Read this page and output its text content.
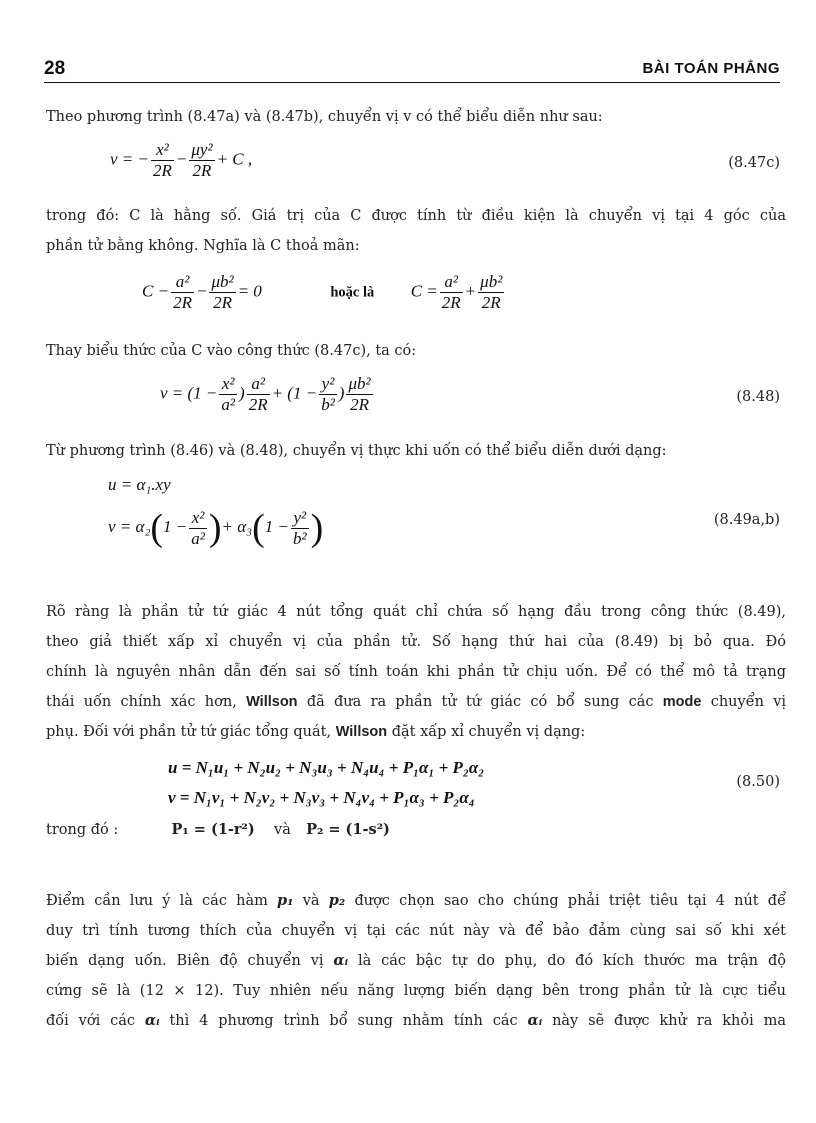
28	BÀI TOÁN PHẲNG

Theo phương trình (8.47a) và (8.47b), chuyển vị v có thể biểu diễn như sau:

v = − $\frac{\text{x²}}{2R} - \frac{\text{μy²}}{2R} + C$ ,	(8.47c)

trong đó: C là hằng số. Giá trị của C được tính từ điều kiện là chuyển vị tại 4 góc của

phần tử bằng không. Nghĩa là C thoả mãn:

$C - \frac{\text{a²}}{2R} - \frac{\text{μb²}}{2R} = 0$	hoặc là $C = \frac{\text{a²}}{2R} + \frac{\text{μb²}}{2R}$

Thay biểu thức của C vào công thức (8.47c), ta có:

$v = (1 - \frac{\text{x²}}{\text{a²}}$ ) $\frac{\text{a²}}{2R} + (1 - \frac{\text{y²}}{\text{b²}}$ ) $\frac{\text{μb²}}{2R}$	(8.48)

Từ phương trình (8.46) và (8.48), chuyển vị thực khi uốn có thể biểu diễn dưới dạng:

u = α₁.xy
$v = \alpha_2(1 - \frac{\text{x²}}{\text{a²}}$ )+ $\alpha_3(1 - \frac{\text{y²}}{\text{b²}}$ )	(8.49a,b)

Rõ ràng là phần tử tứ giác 4 nút tổng quát chỉ chứa số hạng đầu trong công thức (8.49),

theo giả thiết xấp xỉ chuyển vị của phần tử. Số hạng thứ hai của (8.49) bị bỏ qua. Đó

chính là nguyên nhân dẫn đến sai số tính toán khi phần tử chịu uốn. Để có thể mô tả trạng

thái uốn chính xác hơn, Willson đã đưa ra phần tử tứ giác có bổ sung các mode chuyển vị

phụ. Đối với phần tử tứ giác tổng quát, Willson đặt xấp xỉ chuyển vị dạng:

u = N₁u₁ + N₂u₂ + N₃u₃ + N₄u₄ + P₁α₁ + P₂α₂
v = N₁v₁ + N₂v₂ + N₃v₃ + N₄v₄ + P₁α₃ + P₂α₄
(8.50)

trong đó :	P₁ = (1-r²) và P₂ = (1-s²)

Điểm cần lưu ý là các hàm p₁ và p₂ được chọn sao cho chúng phải triệt tiêu tại 4 nút để

duy trì tính tương thích của chuyển vị tại các nút này và để bảo đảm cùng sai số khi xét

biến dạng uốn. Biên độ chuyển vị αᵢ là các bậc tự do phụ, do đó kích thước ma trận độ

cứng sẽ là (12 × 12). Tuy nhiên nếu năng lượng biến dạng bên trong phần tử là cực tiểu

đối với các αᵢ thì 4 phương trình bổ sung nhằm tính các αᵢ này sẽ được khử ra khỏi ma
